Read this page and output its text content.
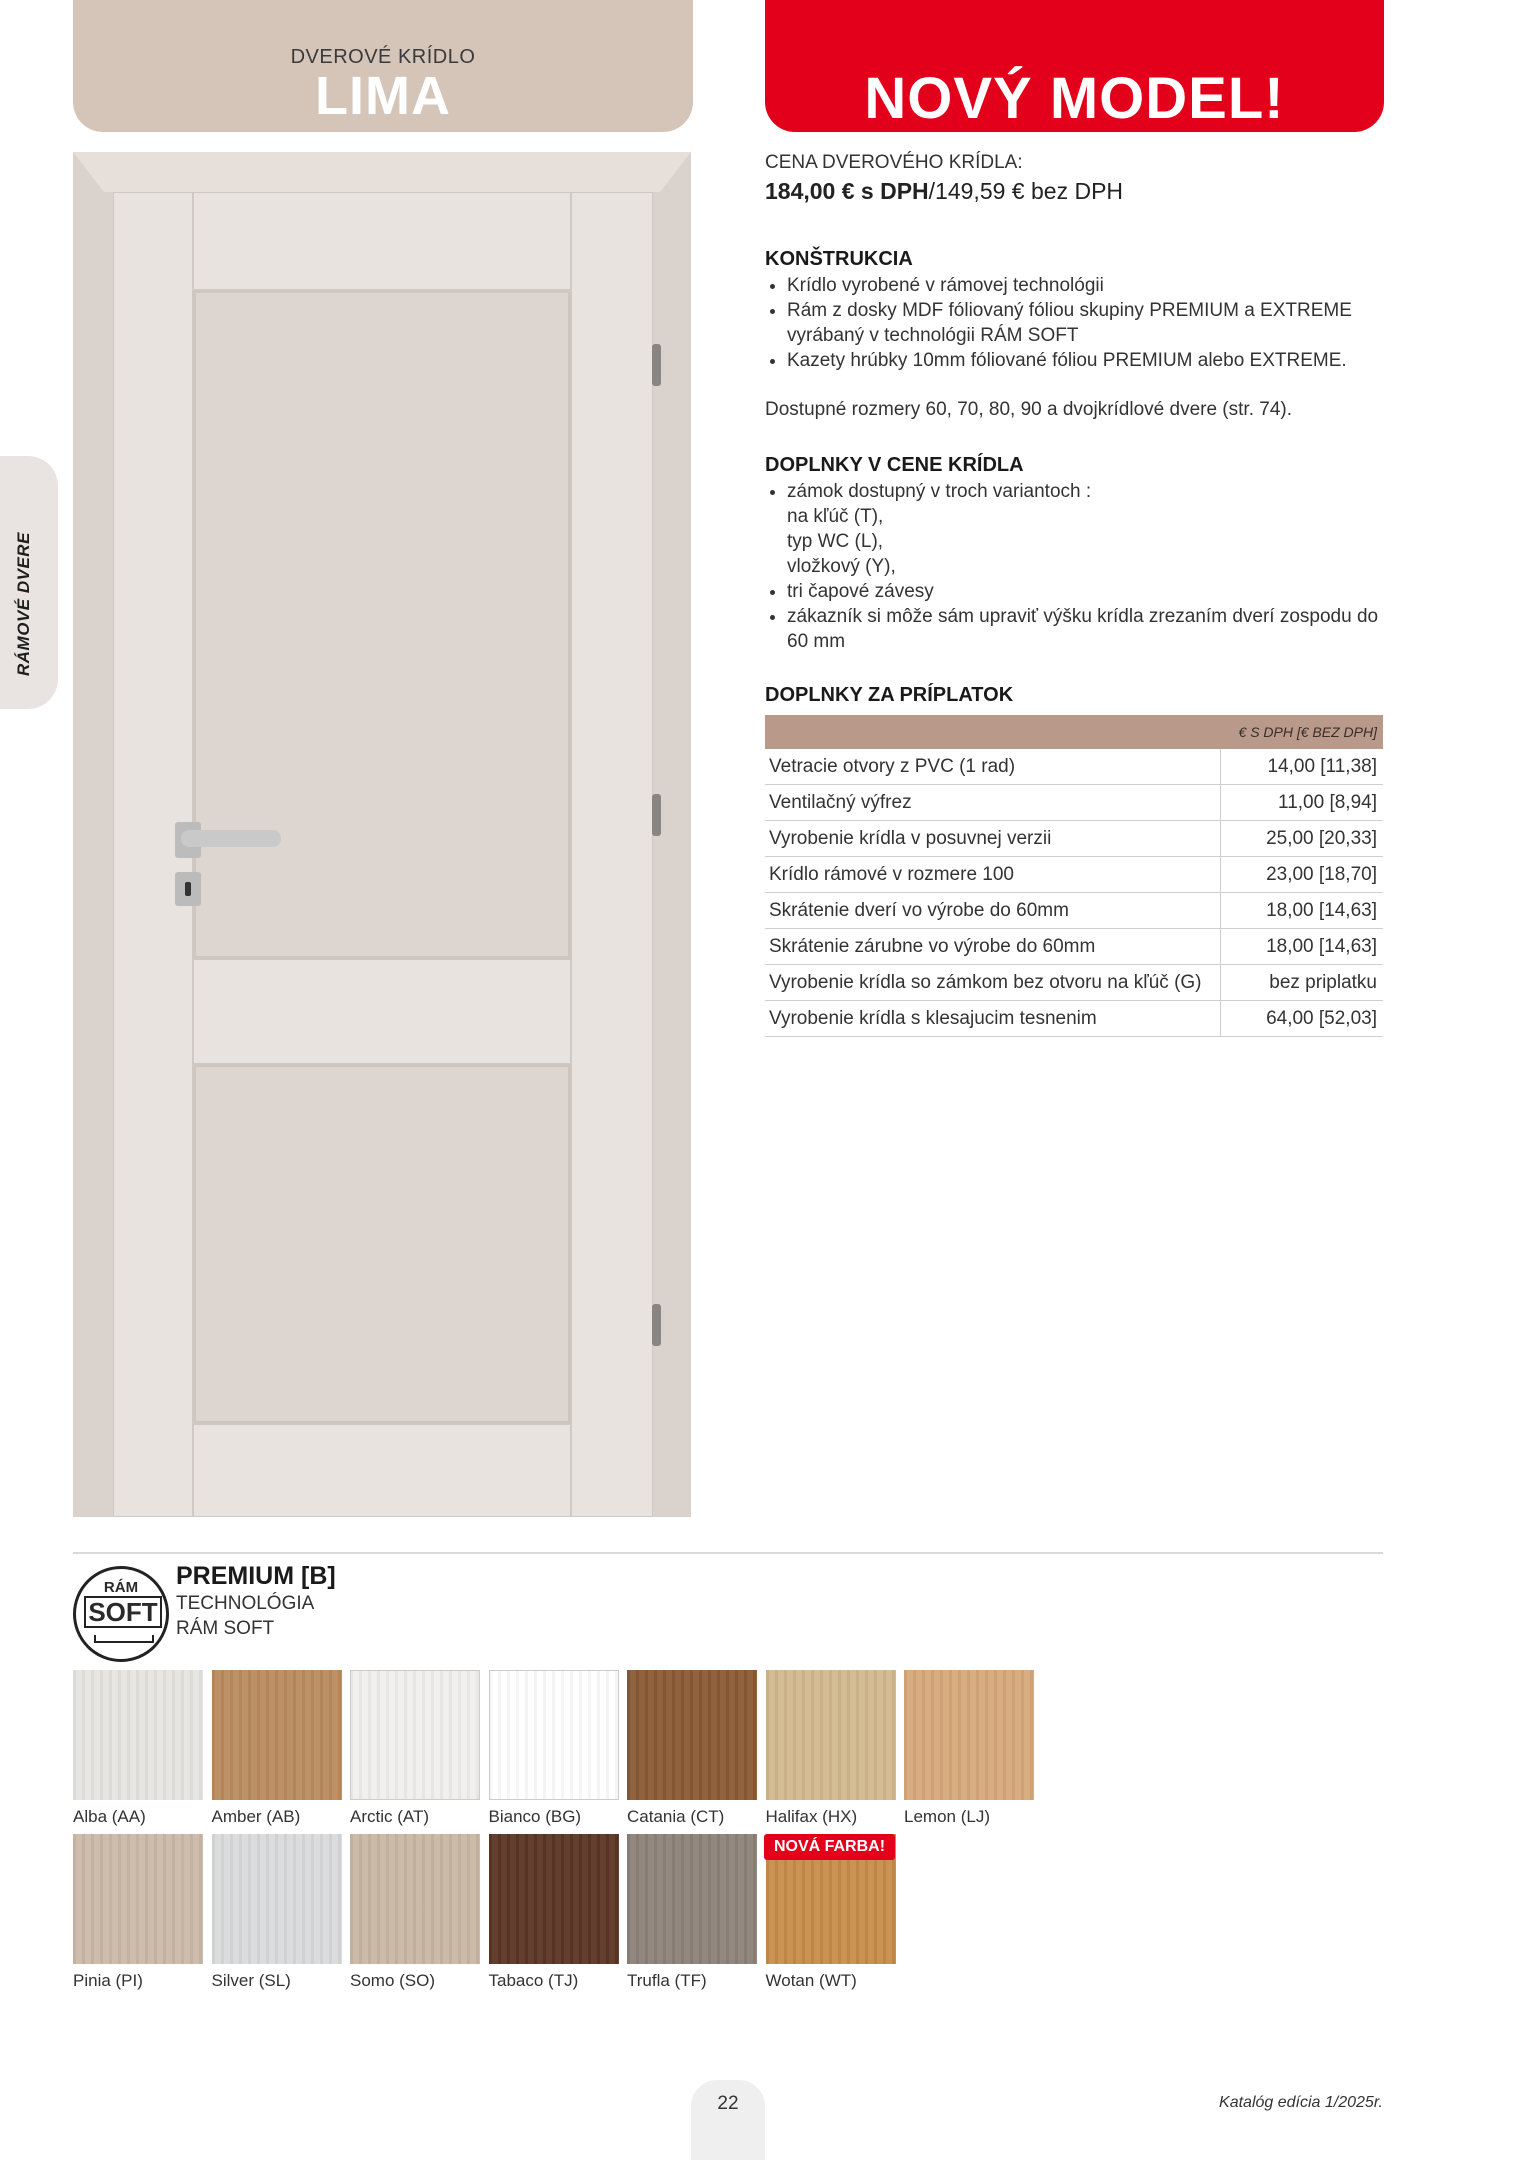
DVEROVÉ KRÍDLO
LIMA	NOVÝ MODEL!
RÁMOVÉ DVERE
CENA DVEROVÉHO KRÍDLA:
184,00 € s DPH/149,59 € bez DPH
KONŠTRUKCIA
• Krídlo vyrobené v rámovej technológii
• Rám z dosky MDF fóliovaný fóliou skupiny PREMIUM a EXTREME vyrábaný v technológii RÁM SOFT
• Kazety hrúbky 10mm fóliované fóliou PREMIUM alebo EXTREME.
Dostupné rozmery 60, 70, 80, 90 a dvojkrídlové dvere (str. 74).
DOPLNKY V CENE KRÍDLA
• zámok dostupný v troch variantoch :
na kľúč (T),
typ WC (L),
vložkový (Y),
• tri čapové závesy
• zákazník si môže sám upraviť výšku krídla zrezaním dverí zospodu do 60 mm
DOPLNKY ZA PRÍPLATOK
	€ S DPH [€ BEZ DPH]
Vetracie otvory z PVC (1 rad)	14,00 [11,38]
Ventilačný výfrez	11,00 [8,94]
Vyrobenie krídla v posuvnej verzii	25,00 [20,33]
Krídlo rámové v rozmere 100	23,00 [18,70]
Skrátenie dverí vo výrobe do 60mm	18,00 [14,63]
Skrátenie zárubne vo výrobe do 60mm	18,00 [14,63]
Vyrobenie krídla so zámkom bez otvoru na kľúč (G)	bez priplatku
Vyrobenie krídla s klesajucim tesnenim	64,00 [52,03]
RÁM
SOFT
PREMIUM [B]
TECHNOLÓGIA
RÁM SOFT
Alba (AA)	Amber (AB)	Arctic (AT)	Bianco (BG)	Catania (CT) Halifax (HX)	Lemon (LJ)
Pinia (PI)	Silver (SL)	Somo (SO)	Tabaco (TJ)	Trufla (TF)	Wotan (WT)
NOVÁ FARBA!
22	Katalóg edícia 1/2025r.
